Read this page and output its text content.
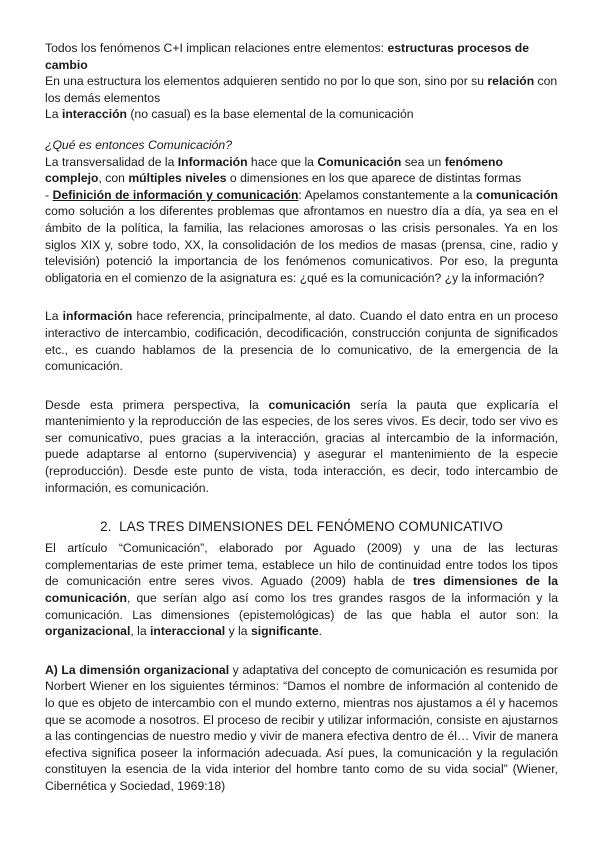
Todos los fenómenos C+I implican relaciones entre elementos: estructuras procesos de cambio

En una estructura los elementos adquieren sentido no por lo que son, sino por su relación con los demás elementos

La interacción (no casual) es la base elemental de la comunicación

¿Qué es entonces Comunicación?

La transversalidad de la Información hace que la Comunicación sea un fenómeno complejo, con múltiples niveles o dimensiones en los que aparece de distintas formas

- Definición de información y comunicación: Apelamos constantemente a la comunicación como solución a los diferentes problemas que afrontamos en nuestro día a día, ya sea en el ámbito de la política, la familia, las relaciones amorosas o las crisis personales. Ya en los siglos XIX y, sobre todo, XX, la consolidación de los medios de masas (prensa, cine, radio y televisión) potenció la importancia de los fenómenos comunicativos. Por eso, la pregunta obligatoria en el comienzo de la asignatura es: ¿qué es la comunicación? ¿y la información?

La información hace referencia, principalmente, al dato. Cuando el dato entra en un proceso interactivo de intercambio, codificación, decodificación, construcción conjunta de significados etc., es cuando hablamos de la presencia de lo comunicativo, de la emergencia de la comunicación.

Desde esta primera perspectiva, la comunicación sería la pauta que explicaría el mantenimiento y la reproducción de las especies, de los seres vivos. Es decir, todo ser vivo es ser comunicativo, pues gracias a la interacción, gracias al intercambio de la información, puede adaptarse al entorno (supervivencia) y asegurar el mantenimiento de la especie (reproducción). Desde este punto de vista, toda interacción, es decir, todo intercambio de información, es comunicación.

2. LAS TRES DIMENSIONES DEL FENÓMENO COMUNICATIVO

El artículo “Comunicación”, elaborado por Aguado (2009) y una de las lecturas complementarias de este primer tema, establece un hilo de continuidad entre todos los tipos de comunicación entre seres vivos. Aguado (2009) habla de tres dimensiones de la comunicación, que serían algo así como los tres grandes rasgos de la información y la comunicación. Las dimensiones (epistemológicas) de las que habla el autor son: la organizacional, la interaccional y la significante.

A) La dimensión organizacional y adaptativa del concepto de comunicación es resumida por Norbert Wiener en los siguientes términos: “Damos el nombre de información al contenido de lo que es objeto de intercambio con el mundo externo, mientras nos ajustamos a él y hacemos que se acomode a nosotros. El proceso de recibir y utilizar información, consiste en ajustarnos a las contingencias de nuestro medio y vivir de manera efectiva dentro de él… Vivir de manera efectiva significa poseer la información adecuada. Así pues, la comunicación y la regulación constituyen la esencia de la vida interior del hombre tanto como de su vida social” (Wiener, Cibernética y Sociedad, 1969:18)
